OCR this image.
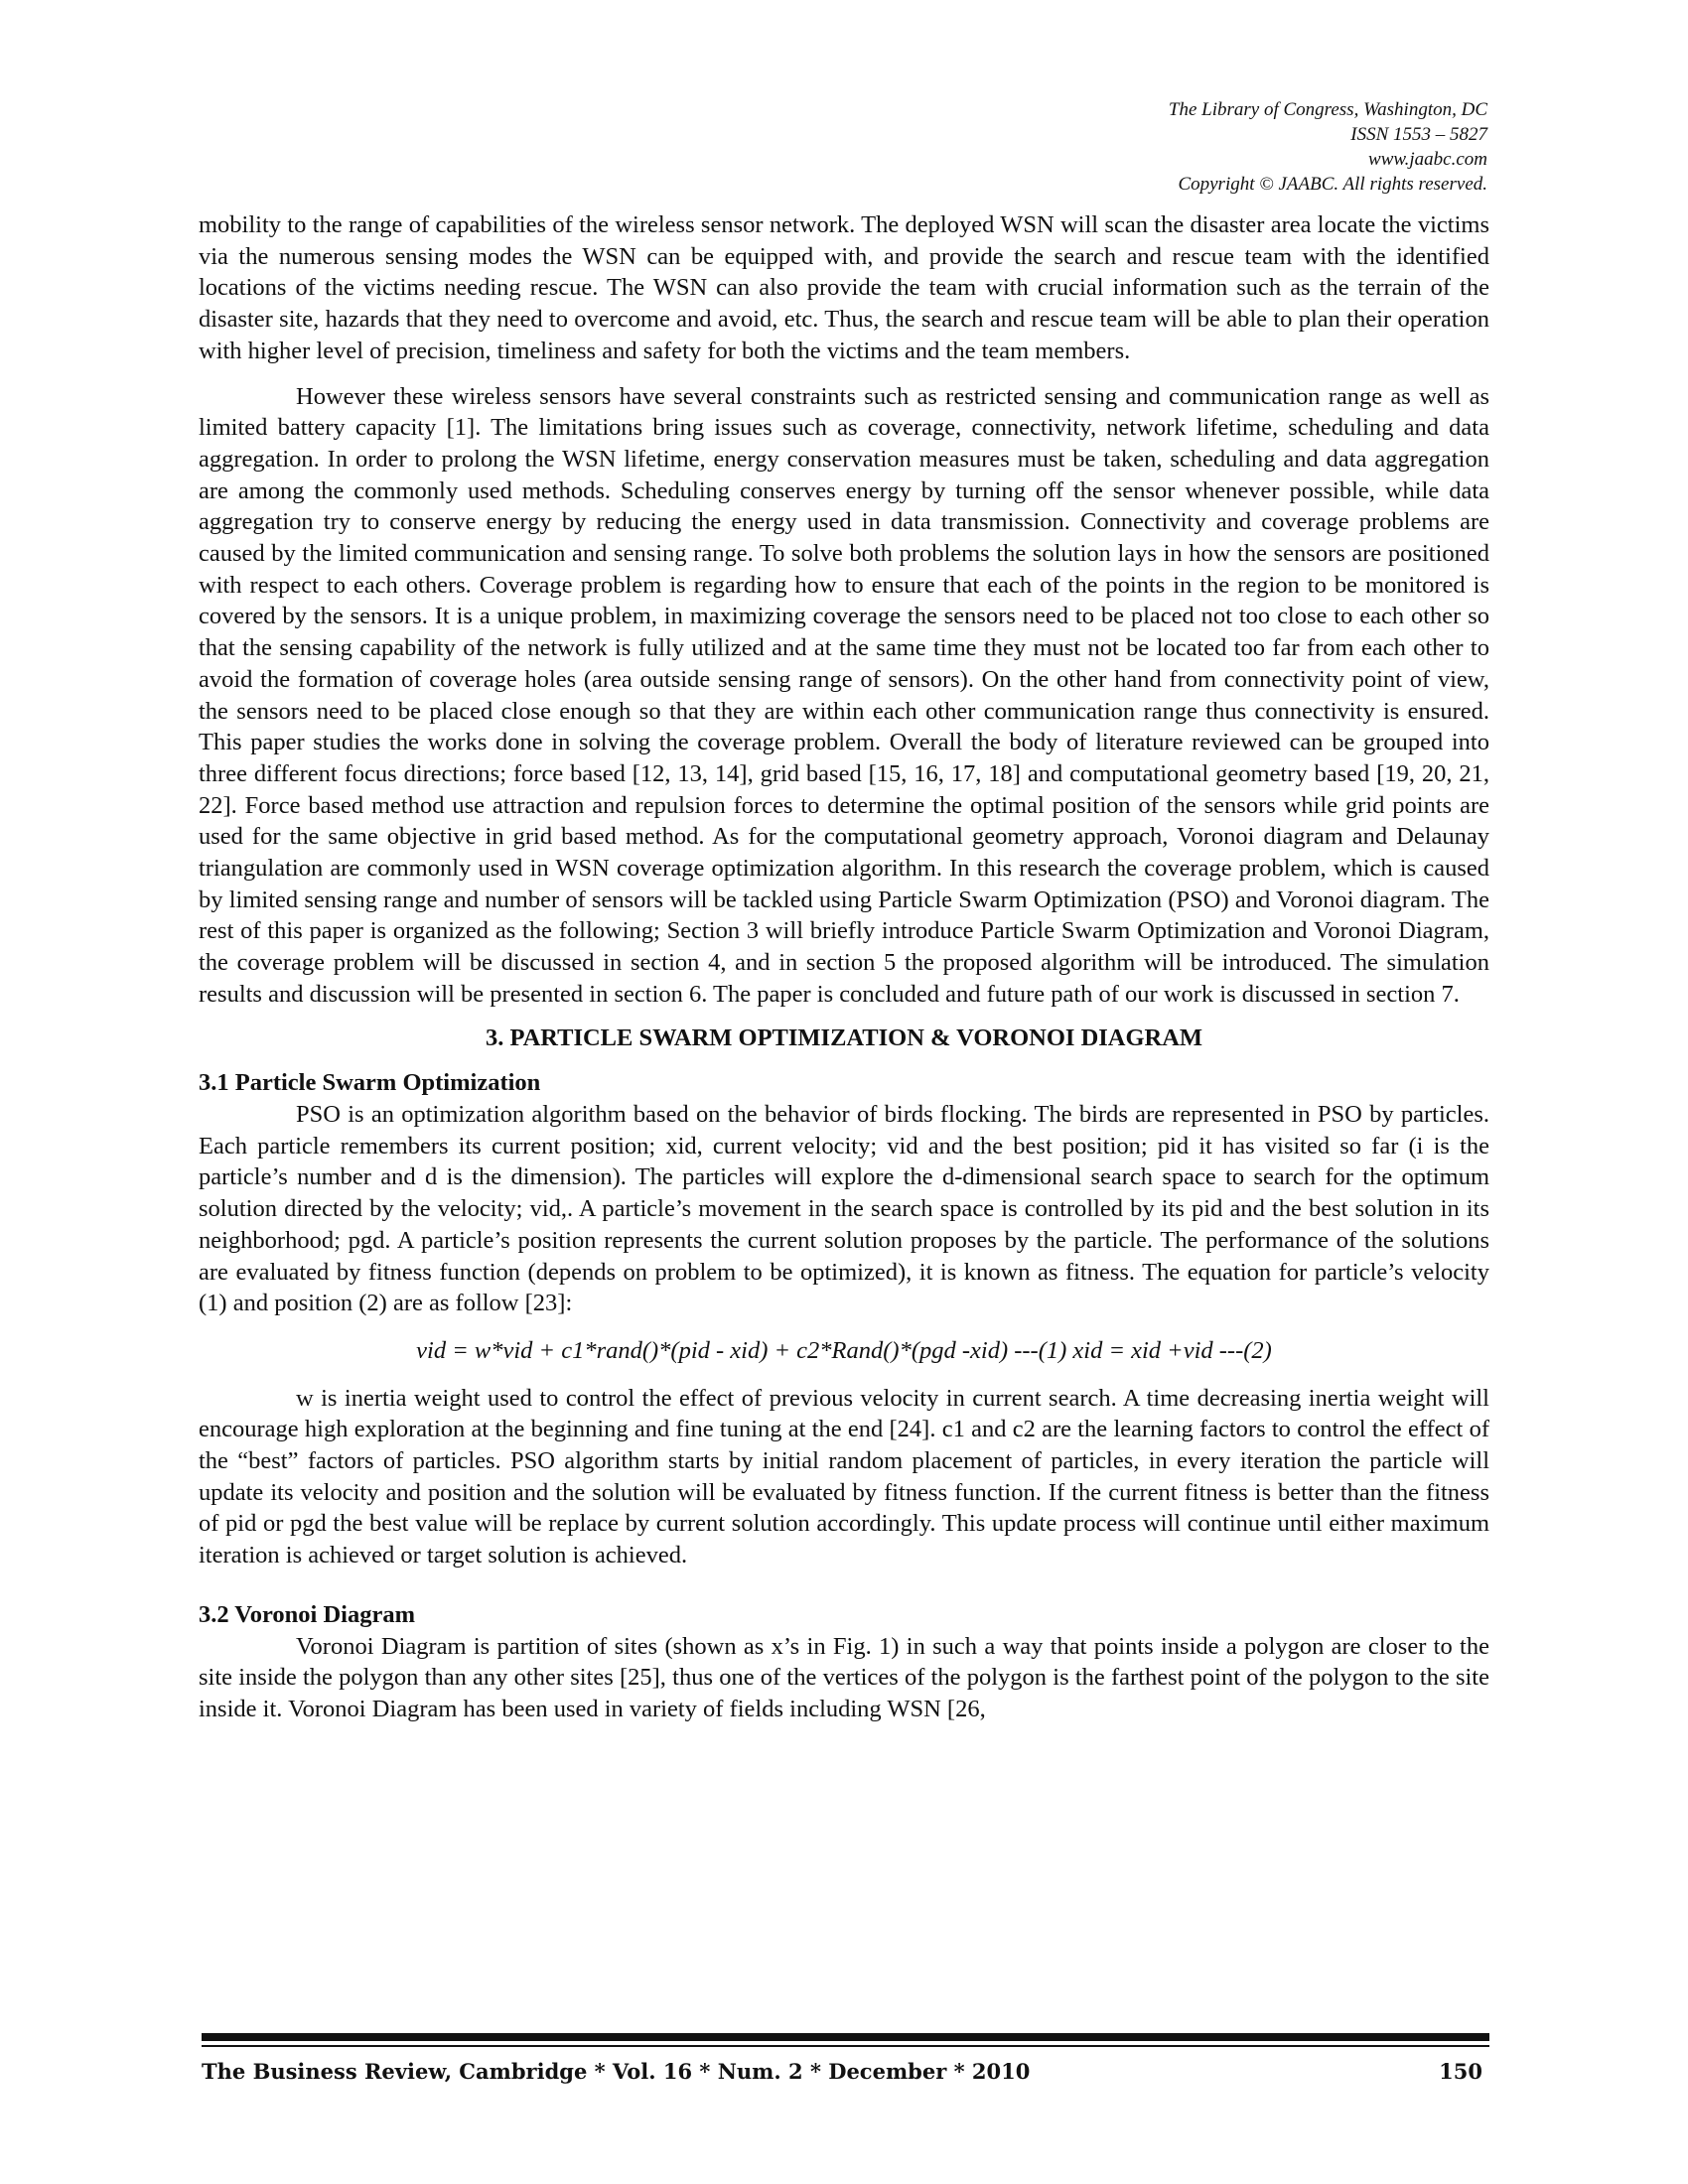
The Library of Congress, Washington, DC
ISSN 1553 – 5827
www.jaabc.com
Copyright © JAABC. All rights reserved.

mobility to the range of capabilities of the wireless sensor network. The deployed WSN will scan the disaster area locate the victims via the numerous sensing modes the WSN can be equipped with, and provide the search and rescue team with the identified locations of the victims needing rescue. The WSN can also provide the team with crucial information such as the terrain of the disaster site, hazards that they need to overcome and avoid, etc. Thus, the search and rescue team will be able to plan their operation with higher level of precision, timeliness and safety for both the victims and the team members.

However these wireless sensors have several constraints such as restricted sensing and communication range as well as limited battery capacity [1]. The limitations bring issues such as coverage, connectivity, network lifetime, scheduling and data aggregation. In order to prolong the WSN lifetime, energy conservation measures must be taken, scheduling and data aggregation are among the commonly used methods. Scheduling conserves energy by turning off the sensor whenever possible, while data aggregation try to conserve energy by reducing the energy used in data transmission. Connectivity and coverage problems are caused by the limited communication and sensing range. To solve both problems the solution lays in how the sensors are positioned with respect to each others. Coverage problem is regarding how to ensure that each of the points in the region to be monitored is covered by the sensors. It is a unique problem, in maximizing coverage the sensors need to be placed not too close to each other so that the sensing capability of the network is fully utilized and at the same time they must not be located too far from each other to avoid the formation of coverage holes (area outside sensing range of sensors). On the other hand from connectivity point of view, the sensors need to be placed close enough so that they are within each other communication range thus connectivity is ensured. This paper studies the works done in solving the coverage problem. Overall the body of literature reviewed can be grouped into three different focus directions; force based [12, 13, 14], grid based [15, 16, 17, 18] and computational geometry based [19, 20, 21, 22]. Force based method use attraction and repulsion forces to determine the optimal position of the sensors while grid points are used for the same objective in grid based method. As for the computational geometry approach, Voronoi diagram and Delaunay triangulation are commonly used in WSN coverage optimization algorithm. In this research the coverage problem, which is caused by limited sensing range and number of sensors will be tackled using Particle Swarm Optimization (PSO) and Voronoi diagram. The rest of this paper is organized as the following; Section 3 will briefly introduce Particle Swarm Optimization and Voronoi Diagram, the coverage problem will be discussed in section 4, and in section 5 the proposed algorithm will be introduced. The simulation results and discussion will be presented in section 6. The paper is concluded and future path of our work is discussed in section 7.

3. PARTICLE SWARM OPTIMIZATION & VORONOI DIAGRAM
3.1 Particle Swarm Optimization

PSO is an optimization algorithm based on the behavior of birds flocking. The birds are represented in PSO by particles. Each particle remembers its current position; xid, current velocity; vid and the best position; pid it has visited so far (i is the particle’s number and d is the dimension). The particles will explore the d-dimensional search space to search for the optimum solution directed by the velocity; vid,. A particle’s movement in the search space is controlled by its pid and the best solution in its neighborhood; pgd. A particle’s position represents the current solution proposes by the particle. The performance of the solutions are evaluated by fitness function (depends on problem to be optimized), it is known as fitness. The equation for particle’s velocity (1) and position (2) are as follow [23]:

vid = w*vid + c1*rand()*(pid - xid) + c2*Rand()*(pgd -xid) ---(1) xid = xid +vid ---(2)

w is inertia weight used to control the effect of previous velocity in current search. A time decreasing inertia weight will encourage high exploration at the beginning and fine tuning at the end [24]. c1 and c2 are the learning factors to control the effect of the “best” factors of particles. PSO algorithm starts by initial random placement of particles, in every iteration the particle will update its velocity and position and the solution will be evaluated by fitness function. If the current fitness is better than the fitness of pid or pgd the best value will be replace by current solution accordingly. This update process will continue until either maximum iteration is achieved or target solution is achieved.

3.2 Voronoi Diagram

Voronoi Diagram is partition of sites (shown as x’s in Fig. 1) in such a way that points inside a polygon are closer to the site inside the polygon than any other sites [25], thus one of the vertices of the polygon is the farthest point of the polygon to the site inside it. Voronoi Diagram has been used in variety of fields including WSN [26,

The Business Review, Cambridge * Vol. 16 * Num. 2 * December * 2010	150
